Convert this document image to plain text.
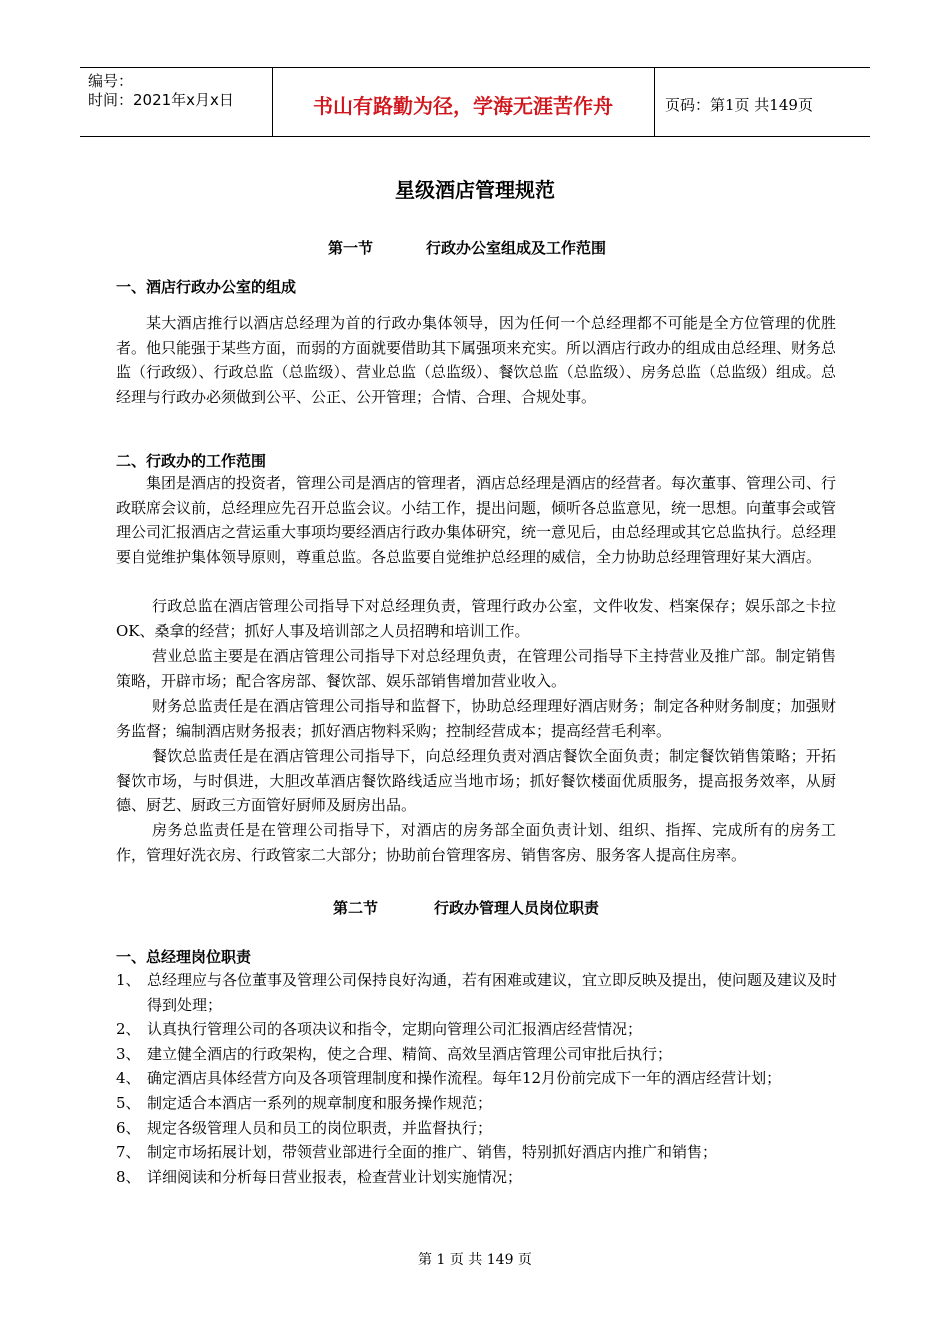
编号：
时间：2021年x月x日	书山有路勤为径，学海无涯苦作舟	页码：第1页 共149页
星级酒店管理规范
第一节	行政办公室组成及工作范围
一、酒店行政办公室的组成
某大酒店推行以酒店总经理为首的行政办集体领导，因为任何一个总经理都不可能是全方位管理的优胜者。他只能强于某些方面，而弱的方面就要借助其下属强项来充实。所以酒店行政办的组成由总经理、财务总监（行政级）、行政总监（总监级）、营业总监（总监级）、餐饮总监（总监级）、房务总监（总监级）组成。总经理与行政办必须做到公平、公正、公开管理；合情、合理、合规处事。
二、行政办的工作范围
集团是酒店的投资者，管理公司是酒店的管理者，酒店总经理是酒店的经营者。每次董事、管理公司、行政联席会议前，总经理应先召开总监会议。小结工作，提出问题，倾听各总监意见，统一思想。向董事会或管理公司汇报酒店之营运重大事项均要经酒店行政办集体研究，统一意见后，由总经理或其它总监执行。总经理要自觉维护集体领导原则，尊重总监。各总监要自觉维护总经理的威信，全力协助总经理管理好某大酒店。
行政总监在酒店管理公司指导下对总经理负责，管理行政办公室，文件收发、档案保存；娱乐部之卡拉OK、桑拿的经营；抓好人事及培训部之人员招聘和培训工作。
营业总监主要是在酒店管理公司指导下对总经理负责，在管理公司指导下主持营业及推广部。制定销售策略，开辟市场；配合客房部、餐饮部、娱乐部销售增加营业收入。
财务总监责任是在酒店管理公司指导和监督下，协助总经理理好酒店财务；制定各种财务制度；加强财务监督；编制酒店财务报表；抓好酒店物料采购；控制经营成本；提高经营毛利率。
餐饮总监责任是在酒店管理公司指导下，向总经理负责对酒店餐饮全面负责；制定餐饮销售策略；开拓餐饮市场，与时俱进，大胆改革酒店餐饮路线适应当地市场；抓好餐饮楼面优质服务，提高报务效率，从厨德、厨艺、厨政三方面管好厨师及厨房出品。
房务总监责任是在管理公司指导下，对酒店的房务部全面负责计划、组织、指挥、完成所有的房务工作，管理好洗衣房、行政管家二大部分；协助前台管理客房、销售客房、服务客人提高住房率。
第二节	行政办管理人员岗位职责
一、总经理岗位职责
1、 总经理应与各位董事及管理公司保持良好沟通，若有困难或建议，宜立即反映及提出，使问题及建议及时得到处理；
2、 认真执行管理公司的各项决议和指令，定期向管理公司汇报酒店经营情况；
3、 建立健全酒店的行政架构，使之合理、精简、高效呈酒店管理公司审批后执行；
4、 确定酒店具体经营方向及各项管理制度和操作流程。每年12月份前完成下一年的酒店经营计划；
5、 制定适合本酒店一系列的规章制度和服务操作规范；
6、 规定各级管理人员和员工的岗位职责，并监督执行；
7、 制定市场拓展计划，带领营业部进行全面的推广、销售，特别抓好酒店内推广和销售；
8、 详细阅读和分析每日营业报表，检查营业计划实施情况；
第 1 页 共 149 页
